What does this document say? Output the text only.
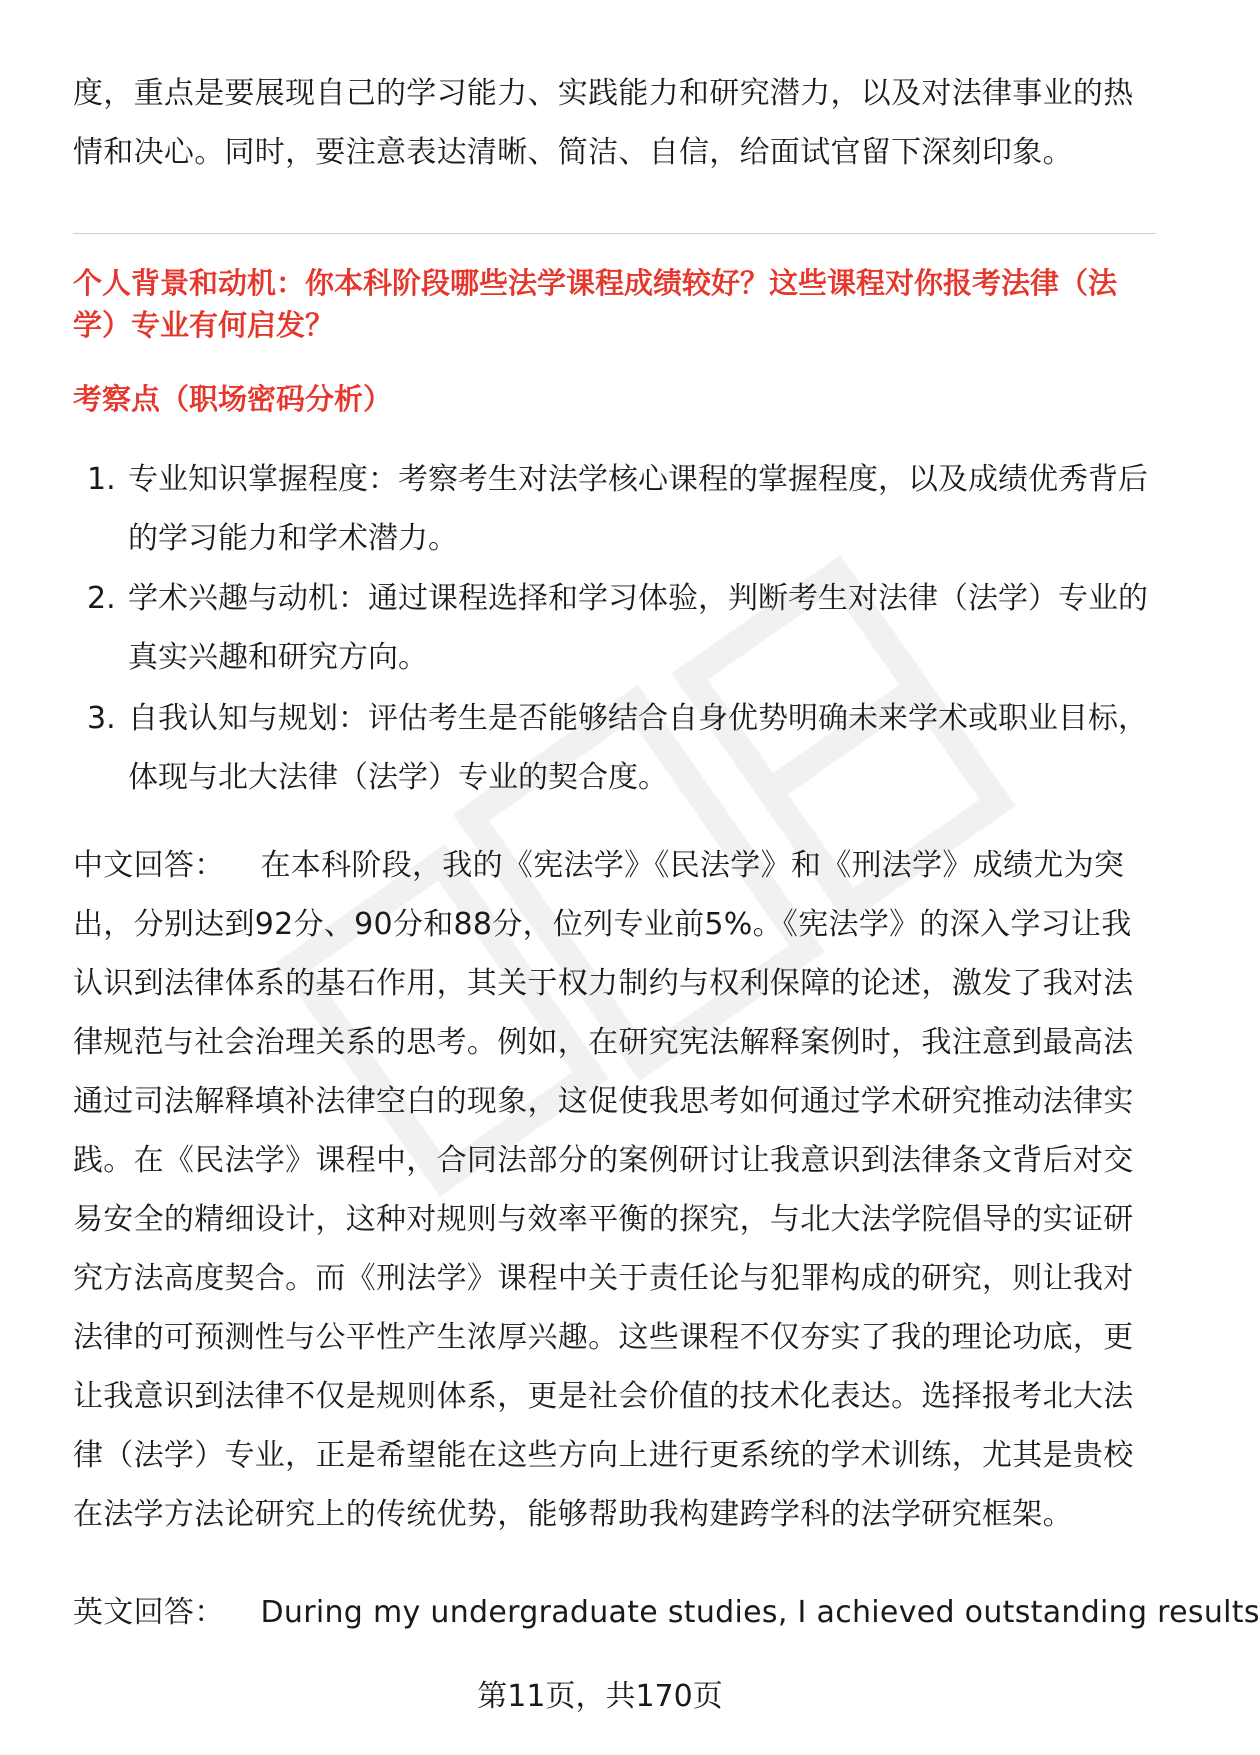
度，重点是要展现自己的学习能力、实践能力和研究潜力，以及对法律事业的热情和决心。同时，要注意表达清晰、简洁、自信，给面试官留下深刻印象。

个人背景和动机：你本科阶段哪些法学课程成绩较好？这些课程对你报考法律（法学）专业有何启发？

考察点（职场密码分析）

1. 专业知识掌握程度：考察考生对法学核心课程的掌握程度，以及成绩优秀背后的学习能力和学术潜力。
2. 学术兴趣与动机：通过课程选择和学习体验，判断考生对法律（法学）专业的真实兴趣和研究方向。
3. 自我认知与规划：评估考生是否能够结合自身优势明确未来学术或职业目标，体现与北大法律（法学）专业的契合度。

中文回答： 在本科阶段，我的《宪法学》《民法学》和《刑法学》成绩尤为突出，分别达到92分、90分和88分，位列专业前5%。《宪法学》的深入学习让我认识到法律体系的基石作用，其关于权力制约与权利保障的论述，激发了我对法律规范与社会治理关系的思考。例如，在研究宪法解释案例时，我注意到最高法通过司法解释填补法律空白的现象，这促使我思考如何通过学术研究推动法律实践。在《民法学》课程中，合同法部分的案例研讨让我意识到法律条文背后对交易安全的精细设计，这种对规则与效率平衡的探究，与北大法学院倡导的实证研究方法高度契合。而《刑法学》课程中关于责任论与犯罪构成的研究，则让我对法律的可预测性与公平性产生浓厚兴趣。这些课程不仅夯实了我的理论功底，更让我意识到法律不仅是规则体系，更是社会价值的技术化表达。选择报考北大法律（法学）专业，正是希望能在这些方向上进行更系统的学术训练，尤其是贵校在法学方法论研究上的传统优势，能够帮助我构建跨学科的法学研究框架。

英文回答： During my undergraduate studies, I achieved outstanding results

第11页，共170页
